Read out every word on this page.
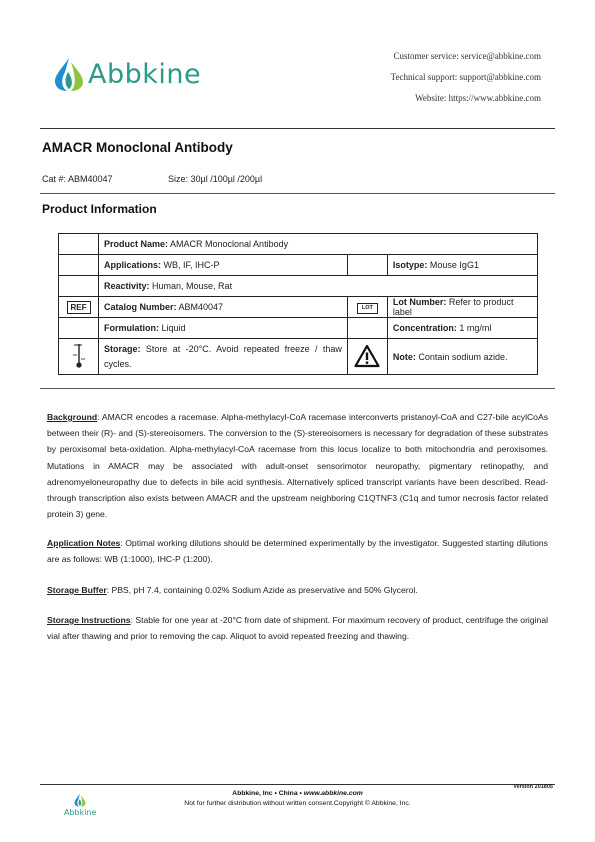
Abbkine
Customer service: service@abbkine.com
Technical support: support@abbkine.com
Website: https://www.abbkine.com
AMACR Monoclonal Antibody
Cat #: ABM40047	Size: 30µl /100µl /200µl
Product Information
	Product Name: AMACR Monoclonal Antibody		
	Applications: WB, IF, IHC-P		Isotype: Mouse IgG1
	Reactivity: Human, Mouse, Rat		
REF	Catalog Number: ABM40047	LOT	Lot Number: Refer to product label
	Formulation: Liquid		Concentration: 1 mg/ml

Storage: Store at -20°C. Avoid repeated freeze / thaw cycles.		Note: Contain sodium azide.
Background: AMACR encodes a racemase. Alpha-methylacyl-CoA racemase interconverts pristanoyl-CoA and C27-bile acylCoAs between their (R)- and (S)-stereoisomers. The conversion to the (S)-stereoisomers is necessary for degradation of these substrates by peroxisomal beta-oxidation. Alpha-methylacyl-CoA racemase from this locus localize to both mitochondria and peroxisomes. Mutations in AMACR may be associated with adult-onset sensorimotor neuropathy, pigmentary retinopathy, and adrenomyeloneuropathy due to defects in bile acid synthesis. Alternatively spliced transcript variants have been described. Read-through transcription also exists between AMACR and the upstream neighboring C1QTNF3 (C1q and tumor necrosis factor related protein 3) gene.
Application Notes: Optimal working dilutions should be determined experimentally by the investigator. Suggested starting dilutions are as follows: WB (1:1000), IHC-P (1:200).
Storage Buffer: PBS, pH 7.4, containing 0.02% Sodium Azide as preservative and 50% Glycerol.
Storage Instructions: Stable for one year at -20°C from date of shipment. For maximum recovery of product, centrifuge the original vial after thawing and prior to removing the cap. Aliquot to avoid repeated freezing and thawing.
Version 201805
Abbkine, Inc • China • www.abbkine.com
Not for further distribution without written consent.Copyright © Abbkine, Inc.
Abbkine
